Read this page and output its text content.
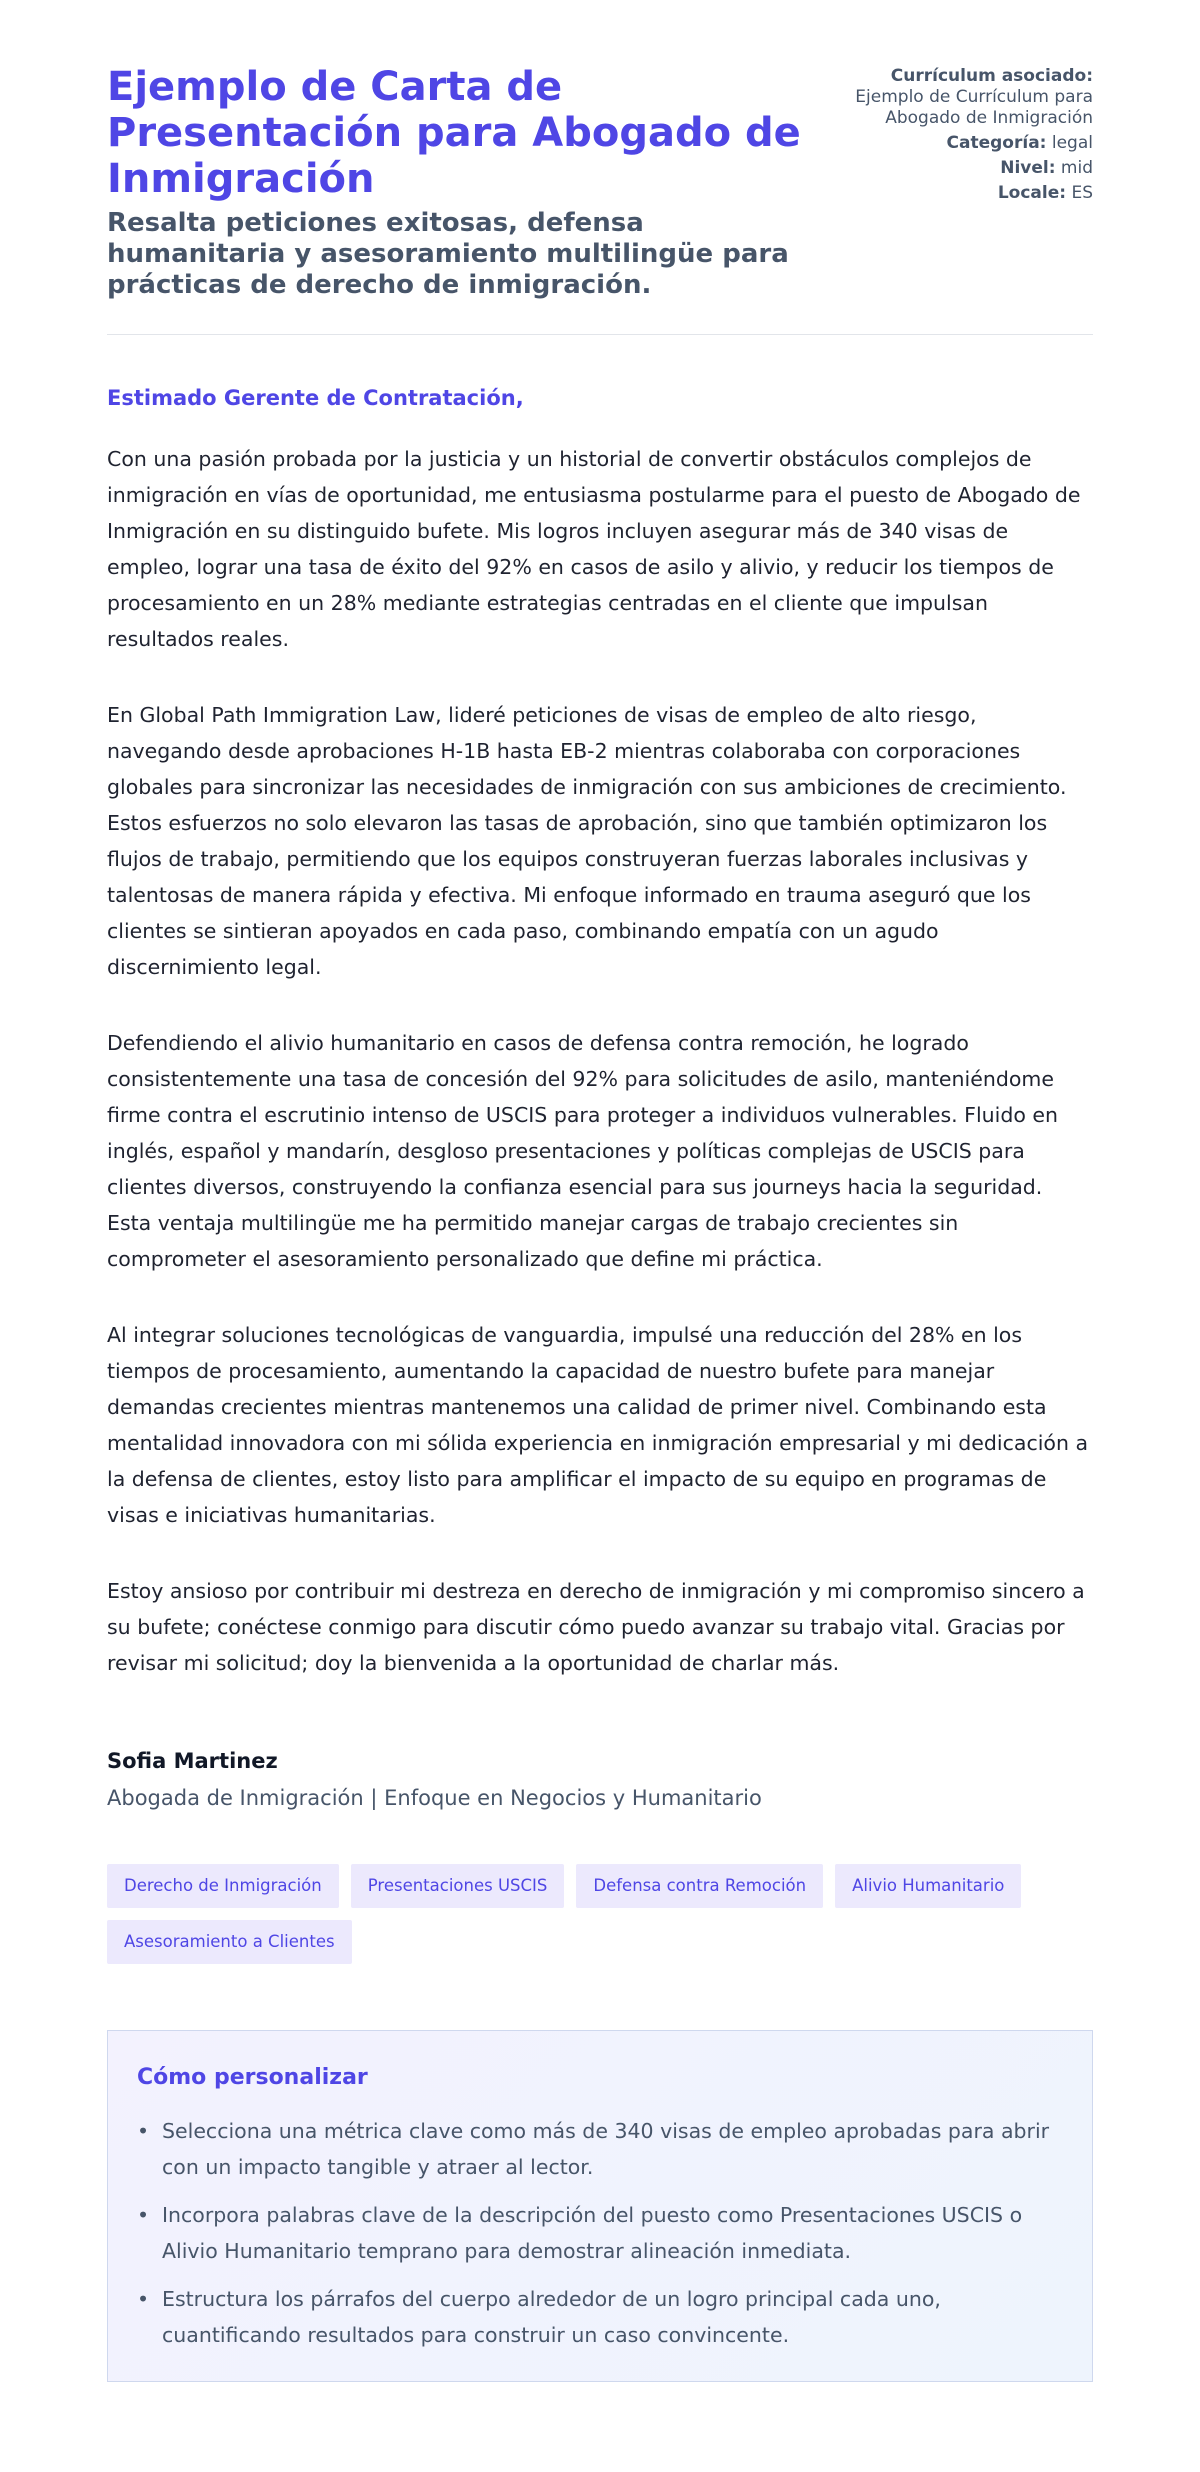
Ejemplo de Carta de Presentación para Abogado de Inmigración

Resalta peticiones exitosas, defensa humanitaria y asesoramiento multilingüe para prácticas de derecho de inmigración.

Currículum asociado:
Ejemplo de Currículum para Abogado de Inmigración
Categoría: legal
Nivel: mid
Locale: ES
Estimado Gerente de Contratación,

Con una pasión probada por la justicia y un historial de convertir obstáculos complejos de inmigración en vías de oportunidad, me entusiasma postularme para el puesto de Abogado de Inmigración en su distinguido bufete. Mis logros incluyen asegurar más de 340 visas de empleo, lograr una tasa de éxito del 92% en casos de asilo y alivio, y reducir los tiempos de procesamiento en un 28% mediante estrategias centradas en el cliente que impulsan resultados reales.

En Global Path Immigration Law, lideré peticiones de visas de empleo de alto riesgo, navegando desde aprobaciones H-1B hasta EB-2 mientras colaboraba con corporaciones globales para sincronizar las necesidades de inmigración con sus ambiciones de crecimiento. Estos esfuerzos no solo elevaron las tasas de aprobación, sino que también optimizaron los flujos de trabajo, permitiendo que los equipos construyeran fuerzas laborales inclusivas y talentosas de manera rápida y efectiva. Mi enfoque informado en trauma aseguró que los clientes se sintieran apoyados en cada paso, combinando empatía con un agudo discernimiento legal.

Defendiendo el alivio humanitario en casos de defensa contra remoción, he logrado consistentemente una tasa de concesión del 92% para solicitudes de asilo, manteniéndome firme contra el escrutinio intenso de USCIS para proteger a individuos vulnerables. Fluido en inglés, español y mandarín, desgloso presentaciones y políticas complejas de USCIS para clientes diversos, construyendo la confianza esencial para sus journeys hacia la seguridad. Esta ventaja multilingüe me ha permitido manejar cargas de trabajo crecientes sin comprometer el asesoramiento personalizado que define mi práctica.

Al integrar soluciones tecnológicas de vanguardia, impulsé una reducción del 28% en los tiempos de procesamiento, aumentando la capacidad de nuestro bufete para manejar demandas crecientes mientras mantenemos una calidad de primer nivel. Combinando esta mentalidad innovadora con mi sólida experiencia en inmigración empresarial y mi dedicación a la defensa de clientes, estoy listo para amplificar el impacto de su equipo en programas de visas e iniciativas humanitarias.

Estoy ansioso por contribuir mi destreza en derecho de inmigración y mi compromiso sincero a su bufete; conéctese conmigo para discutir cómo puedo avanzar su trabajo vital. Gracias por revisar mi solicitud; doy la bienvenida a la oportunidad de charlar más.

Sofia Martinez
Abogada de Inmigración | Enfoque en Negocios y Humanitario
Derecho de Inmigración	Presentaciones USCIS	Defensa contra Remoción	Alivio Humanitario
Asesoramiento a Clientes
Cómo personalizar
• Selecciona una métrica clave como más de 340 visas de empleo aprobadas para abrir con un impacto tangible y atraer al lector.
• Incorpora palabras clave de la descripción del puesto como Presentaciones USCIS o Alivio Humanitario temprano para demostrar alineación inmediata.
• Estructura los párrafos del cuerpo alrededor de un logro principal cada uno, cuantificando resultados para construir un caso convincente.
